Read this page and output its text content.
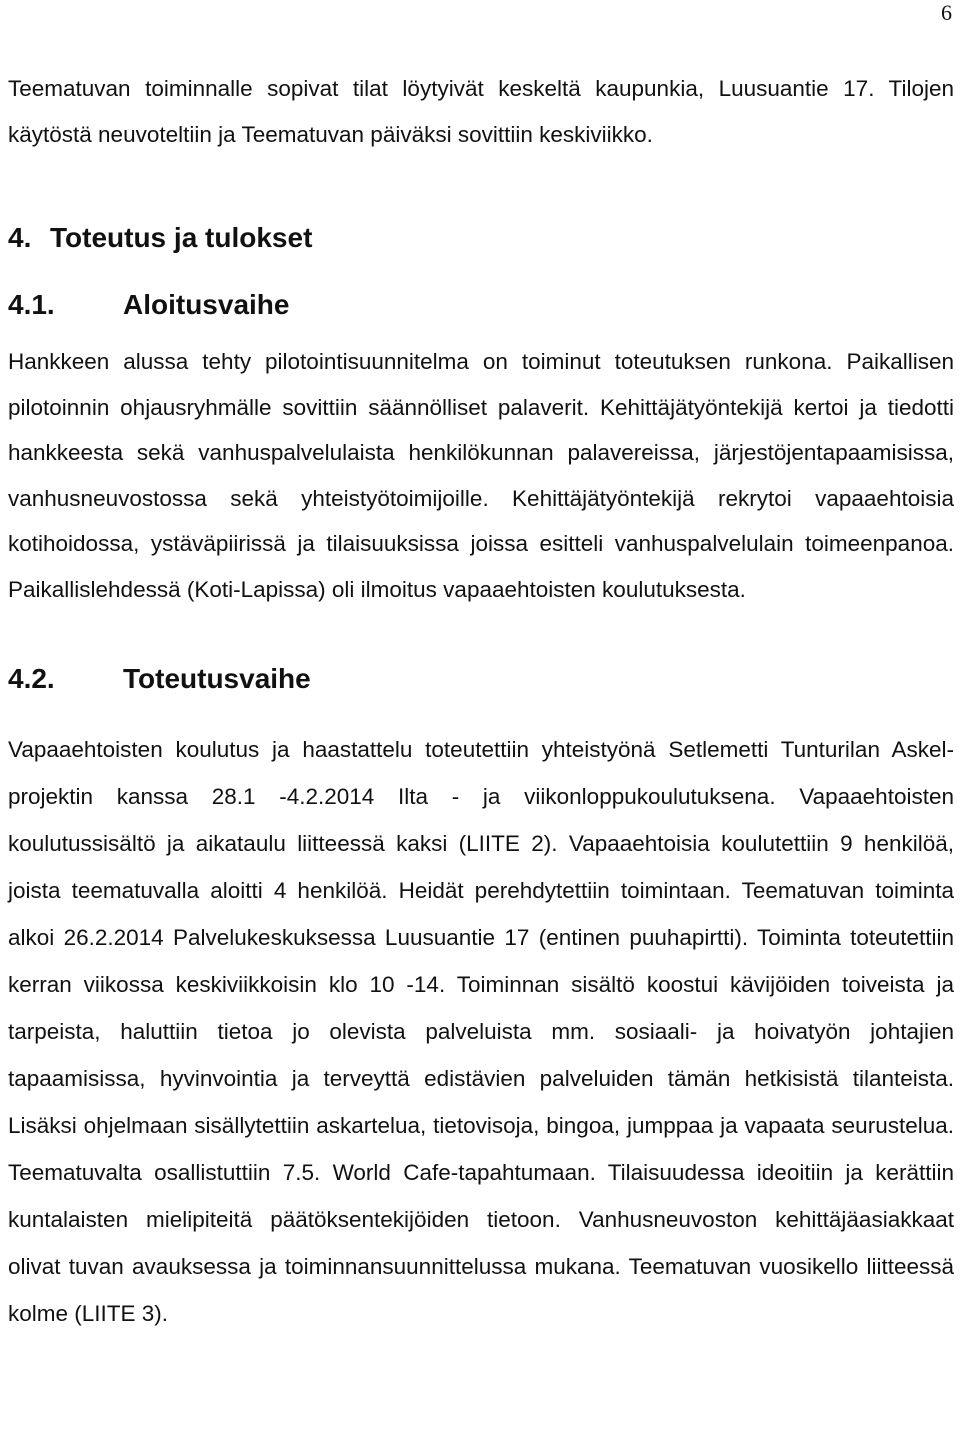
6

Teematuvan toiminnalle sopivat tilat löytyivät keskeltä kaupunkia, Luusuantie 17. Tilojen käytöstä neuvoteltiin ja Teematuvan päiväksi sovittiin keskiviikko.

4. Toteutus ja tulokset
4.1.	Aloitusvaihe

Hankkeen alussa tehty pilotointisuunnitelma on toiminut toteutuksen runkona. Paikallisen pilotoinnin ohjausryhmälle sovittiin säännölliset palaverit. Kehittäjätyöntekijä kertoi ja tiedotti hankkeesta sekä vanhuspalvelulaista henkilökunnan palavereissa, järjestöjentapaamisissa, vanhusneuvostossa sekä yhteistyötoimijoille. Kehittäjätyöntekijä rekrytoi vapaaehtoisia kotihoidossa, ystäväpiirissä ja tilaisuuksissa joissa esitteli vanhuspalvelulain toimeenpanoa. Paikallislehdessä (Koti-Lapissa) oli ilmoitus vapaaehtoisten koulutuksesta.

4.2.	Toteutusvaihe

Vapaaehtoisten koulutus ja haastattelu toteutettiin yhteistyönä Setlemetti Tunturilan Askel-projektin kanssa 28.1 -4.2.2014 Ilta - ja viikonloppukoulutuksena. Vapaaehtoisten koulutussisältö ja aikataulu liitteessä kaksi (LIITE 2). Vapaaehtoisia koulutettiin 9 henkilöä, joista teematuvalla aloitti 4 henkilöä. Heidät perehdytettiin toimintaan. Teematuvan toiminta alkoi 26.2.2014 Palvelukeskuksessa Luusuantie 17 (entinen puuhapirtti). Toiminta toteutettiin kerran viikossa keskiviikkoisin klo 10 -14. Toiminnan sisältö koostui kävijöiden toiveista ja tarpeista, haluttiin tietoa jo olevista palveluista mm. sosiaali- ja hoivatyön johtajien tapaamisissa, hyvinvointia ja terveyttä edistävien palveluiden tämän hetkisistä tilanteista. Lisäksi ohjelmaan sisällytettiin askartelua, tietovisoja, bingoa, jumppaa ja vapaata seurustelua. Teematuvalta osallistuttiin 7.5. World Cafe-tapahtumaan. Tilaisuudessa ideoitiin ja kerättiin kuntalaisten mielipiteitä päätöksentekijöiden tietoon. Vanhusneuvoston kehittäjäasiakkaat olivat tuvan avauksessa ja toiminnansuunnittelussa mukana. Teematuvan vuosikello liitteessä kolme (LIITE 3).
